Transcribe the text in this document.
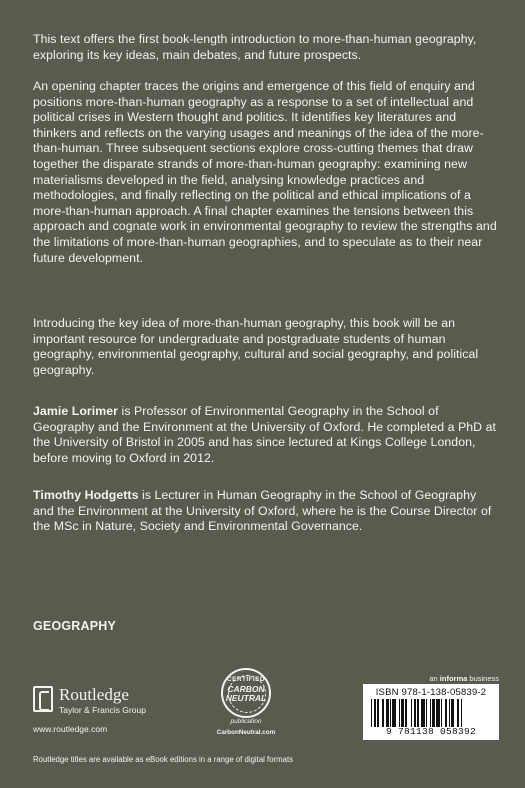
This text offers the first book-length introduction to more-than-human geography, exploring its key ideas, main debates, and future prospects.

An opening chapter traces the origins and emergence of this field of enquiry and positions more-than-human geography as a response to a set of intellectual and political crises in Western thought and politics. It identifies key literatures and thinkers and reflects on the varying usages and meanings of the idea of the more-than-human. Three subsequent sections explore cross-cutting themes that draw together the disparate strands of more-than-human geography: examining new materialisms developed in the field, analysing knowledge practices and methodologies, and finally reflecting on the political and ethical implications of a more-than-human approach. A final chapter examines the tensions between this approach and cognate work in environmental geography to review the strengths and the limitations of more-than-human geographies, and to speculate as to their near future development.

Introducing the key idea of more-than-human geography, this book will be an important resource for undergraduate and postgraduate students of human geography, environmental geography, cultural and social geography, and political geography.

Jamie Lorimer is Professor of Environmental Geography in the School of Geography and the Environment at the University of Oxford. He completed a PhD at the University of Bristol in 2005 and has since lectured at Kings College London, before moving to Oxford in 2012.

Timothy Hodgetts is Lecturer in Human Geography in the School of Geography and the Environment at the University of Oxford, where he is the Course Director of the MSc in Nature, Society and Environmental Governance.

GEOGRAPHY
Routledge
Taylor & Francis Group
www.routledge.com
CERTIFIED
CARBON
NEUTRAL
publication
CarbonNeutral.com
an informa business
ISBN 978-1-138-05839-2
9 781138 058392
Routledge titles are available as eBook editions in a range of digital formats
